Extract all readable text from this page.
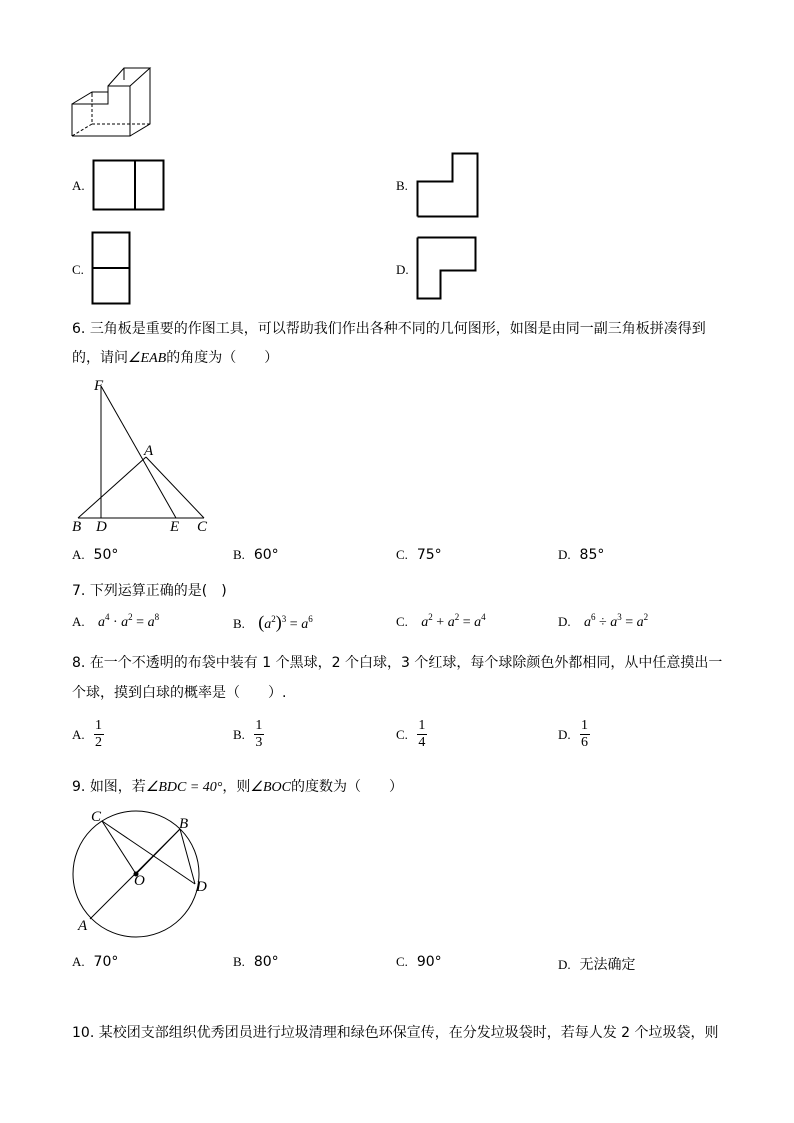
A.	B.
C.	D.
6. 三角板是重要的作图工具，可以帮助我们作出各种不同的几何图形，如图是由同一副三角板拼凑得到
的，请问∠EAB的角度为（　　）
F
A
B D	E C
A. 50°	B. 60°	C. 75°	D. 85°
7. 下列运算正确的是(　)
A. $a^4 \cdot a^2 = a^8$	B. $(a^2)^3 = a^6$	C. $a^2 + a^2 = a^4$	D. $a^6 \div a^3 = a^2$
8. 在一个不透明的布袋中装有 1 个黑球，2 个白球，3 个红球，每个球除颜色外都相同，从中任意摸出一
个球，摸到白球的概率是（　　）.
A.
$\frac{1}{2}$	B.
$\frac{1}{3}$	C.
$\frac{1}{4}$	D.
$\frac{1}{6}$
9. 如图，若∠BDC = 40°，则∠BOC的度数为（　　）
C	B
O	D
A
A. 70°	B. 80°	C. 90°	D. 无法确定
10. 某校团支部组织优秀团员进行垃圾清理和绿色环保宣传，在分发垃圾袋时，若每人发 2 个垃圾袋，则
